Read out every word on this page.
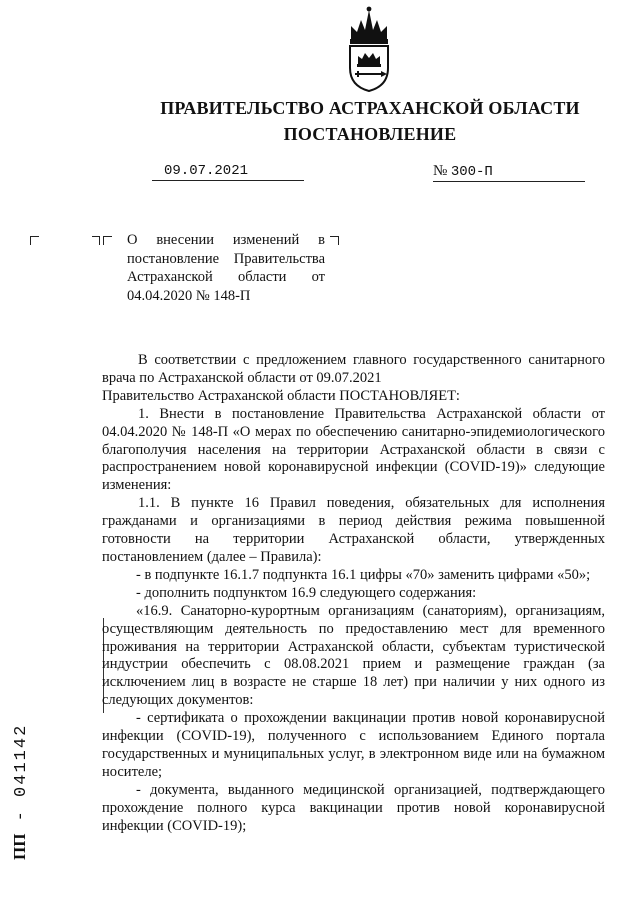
ПРАВИТЕЛЬСТВО АСТРАХАНСКОЙ ОБЛАСТИ
ПОСТАНОВЛЕНИЕ
09.07.2021	№ 300-П
О внесении изменений в
постановление Правительства
Астраханской области от
04.04.2020 № 148-П

В соответствии с предложением главного государственного санитарного врача по Астраханской области от 09.07.2021

Правительство Астраханской области ПОСТАНОВЛЯЕТ:

1. Внести в постановление Правительства Астраханской области от 04.04.2020 № 148-П «О мерах по обеспечению санитарно-эпидемиологического благополучия населения на территории Астраханской области в связи с распространением новой коронавирусной инфекции (COVID-19)» следующие изменения:

1.1. В пункте 16 Правил поведения, обязательных для исполнения гражданами и организациями в период действия режима повышенной готовности на территории Астраханской области, утвержденных постановлением (далее – Правила):

- в подпункте 16.1.7 подпункта 16.1 цифры «70» заменить цифрами «50»;

- дополнить подпунктом 16.9 следующего содержания:

«16.9. Санаторно-курортным организациям (санаториям), организациям, осуществляющим деятельность по предоставлению мест для временного проживания на территории Астраханской области, субъектам туристической индустрии обеспечить с 08.08.2021 прием и размещение граждан (за исключением лиц в возрасте не старше 18 лет) при наличии у них одного из следующих документов:

- сертификата о прохождении вакцинации против новой коронавирусной инфекции (COVID-19), полученного с использованием Единого портала государственных и муниципальных услуг, в электронном виде или на бумажном носителе;

- документа, выданного медицинской организацией, подтверждающего прохождение полного курса вакцинации против новой коронавирусной инфекции (COVID-19);

ПП - 041142
